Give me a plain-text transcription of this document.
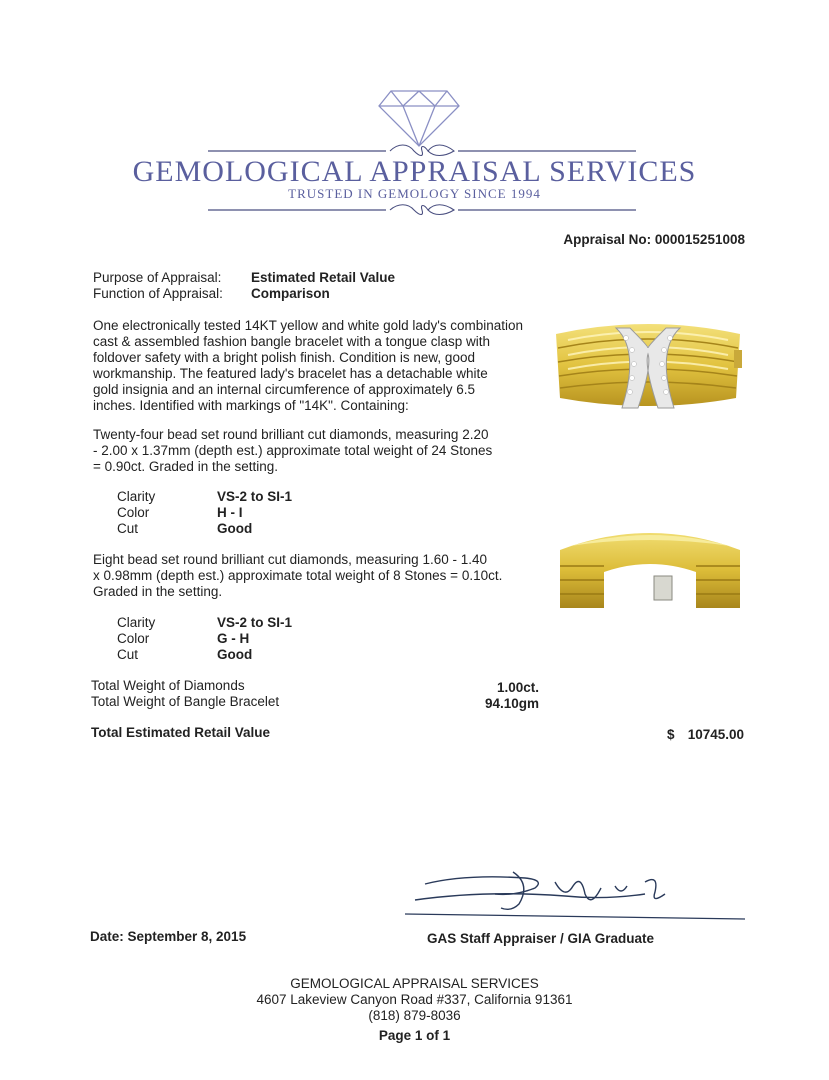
GEMOLOGICAL APPRAISAL SERVICES
TRUSTED IN GEMOLOGY SINCE 1994
Appraisal No: 000015251008
Purpose of Appraisal: Estimated Retail Value
Function of Appraisal: Comparison
One electronically tested 14KT yellow and white gold lady's combination
cast & assembled fashion bangle bracelet with a tongue clasp with
foldover safety with a bright polish finish. Condition is new, good
workmanship. The featured lady's bracelet has a detachable white
gold insignia and an internal circumference of approximately 6.5
inches. Identified with markings of "14K". Containing:
Twenty-four bead set round brilliant cut diamonds, measuring 2.20
- 2.00 x 1.37mm (depth est.) approximate total weight of 24 Stones
= 0.90ct. Graded in the setting.
Clarity	VS-2 to SI-1
Color	H - I
Cut	Good
Eight bead set round brilliant cut diamonds, measuring 1.60 - 1.40
x 0.98mm (depth est.) approximate total weight of 8 Stones = 0.10ct.
Graded in the setting.
Clarity	VS-2 to SI-1
Color	G - H
Cut	Good
Total Weight of Diamonds	1.00ct.
Total Weight of Bangle Bracelet	94.10gm
Total Estimated Retail Value	$ 10745.00
Date: September 8, 2015	GAS Staff Appraiser / GIA Graduate
GEMOLOGICAL APPRAISAL SERVICES
4607 Lakeview Canyon Road #337, California 91361
(818) 879-8036
Page 1 of 1
